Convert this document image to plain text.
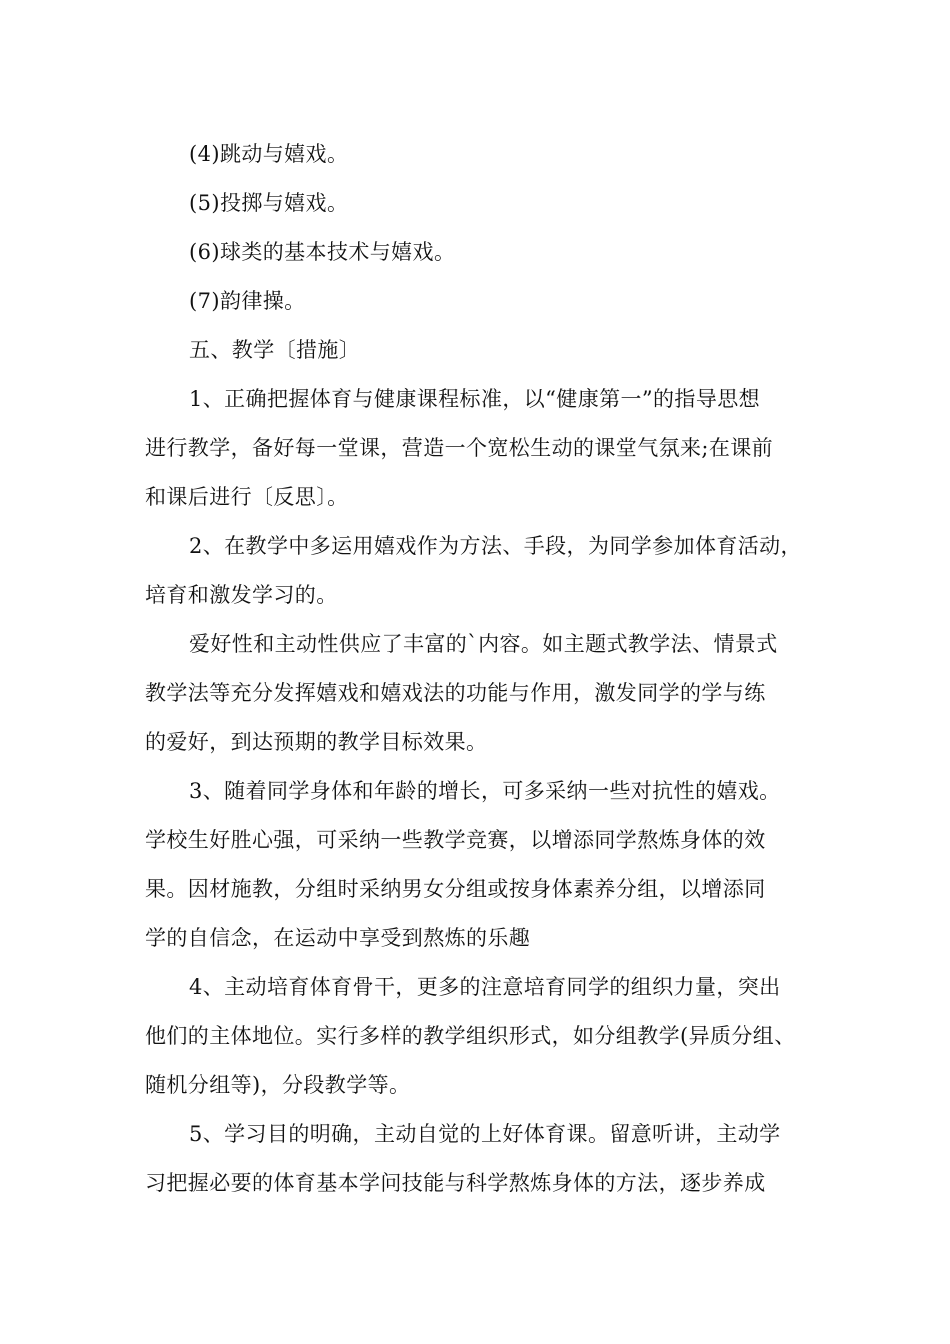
(4)跳动与嬉戏。
(5)投掷与嬉戏。
(6)球类的基本技术与嬉戏。
(7)韵律操。
五、教学〔措施〕
1、正确把握体育与健康课程标准，以“健康第一”的指导思想
进行教学，备好每一堂课，营造一个宽松生动的课堂气氛来;在课前
和课后进行〔反思〕。
2、在教学中多运用嬉戏作为方法、手段，为同学参加体育活动，
培育和激发学习的。
爱好性和主动性供应了丰富的`内容。如主题式教学法、情景式
教学法等充分发挥嬉戏和嬉戏法的功能与作用，激发同学的学与练
的爱好，到达预期的教学目标效果。
3、随着同学身体和年龄的增长，可多采纳一些对抗性的嬉戏。
学校生好胜心强，可采纳一些教学竞赛，以增添同学熬炼身体的效
果。因材施教，分组时采纳男女分组或按身体素养分组，以增添同
学的自信念，在运动中享受到熬炼的乐趣
4、主动培育体育骨干，更多的注意培育同学的组织力量，突出
他们的主体地位。实行多样的教学组织形式，如分组教学(异质分组、
随机分组等)，分段教学等。
5、学习目的明确，主动自觉的上好体育课。留意听讲，主动学
习把握必要的体育基本学问技能与科学熬炼身体的方法，逐步养成
